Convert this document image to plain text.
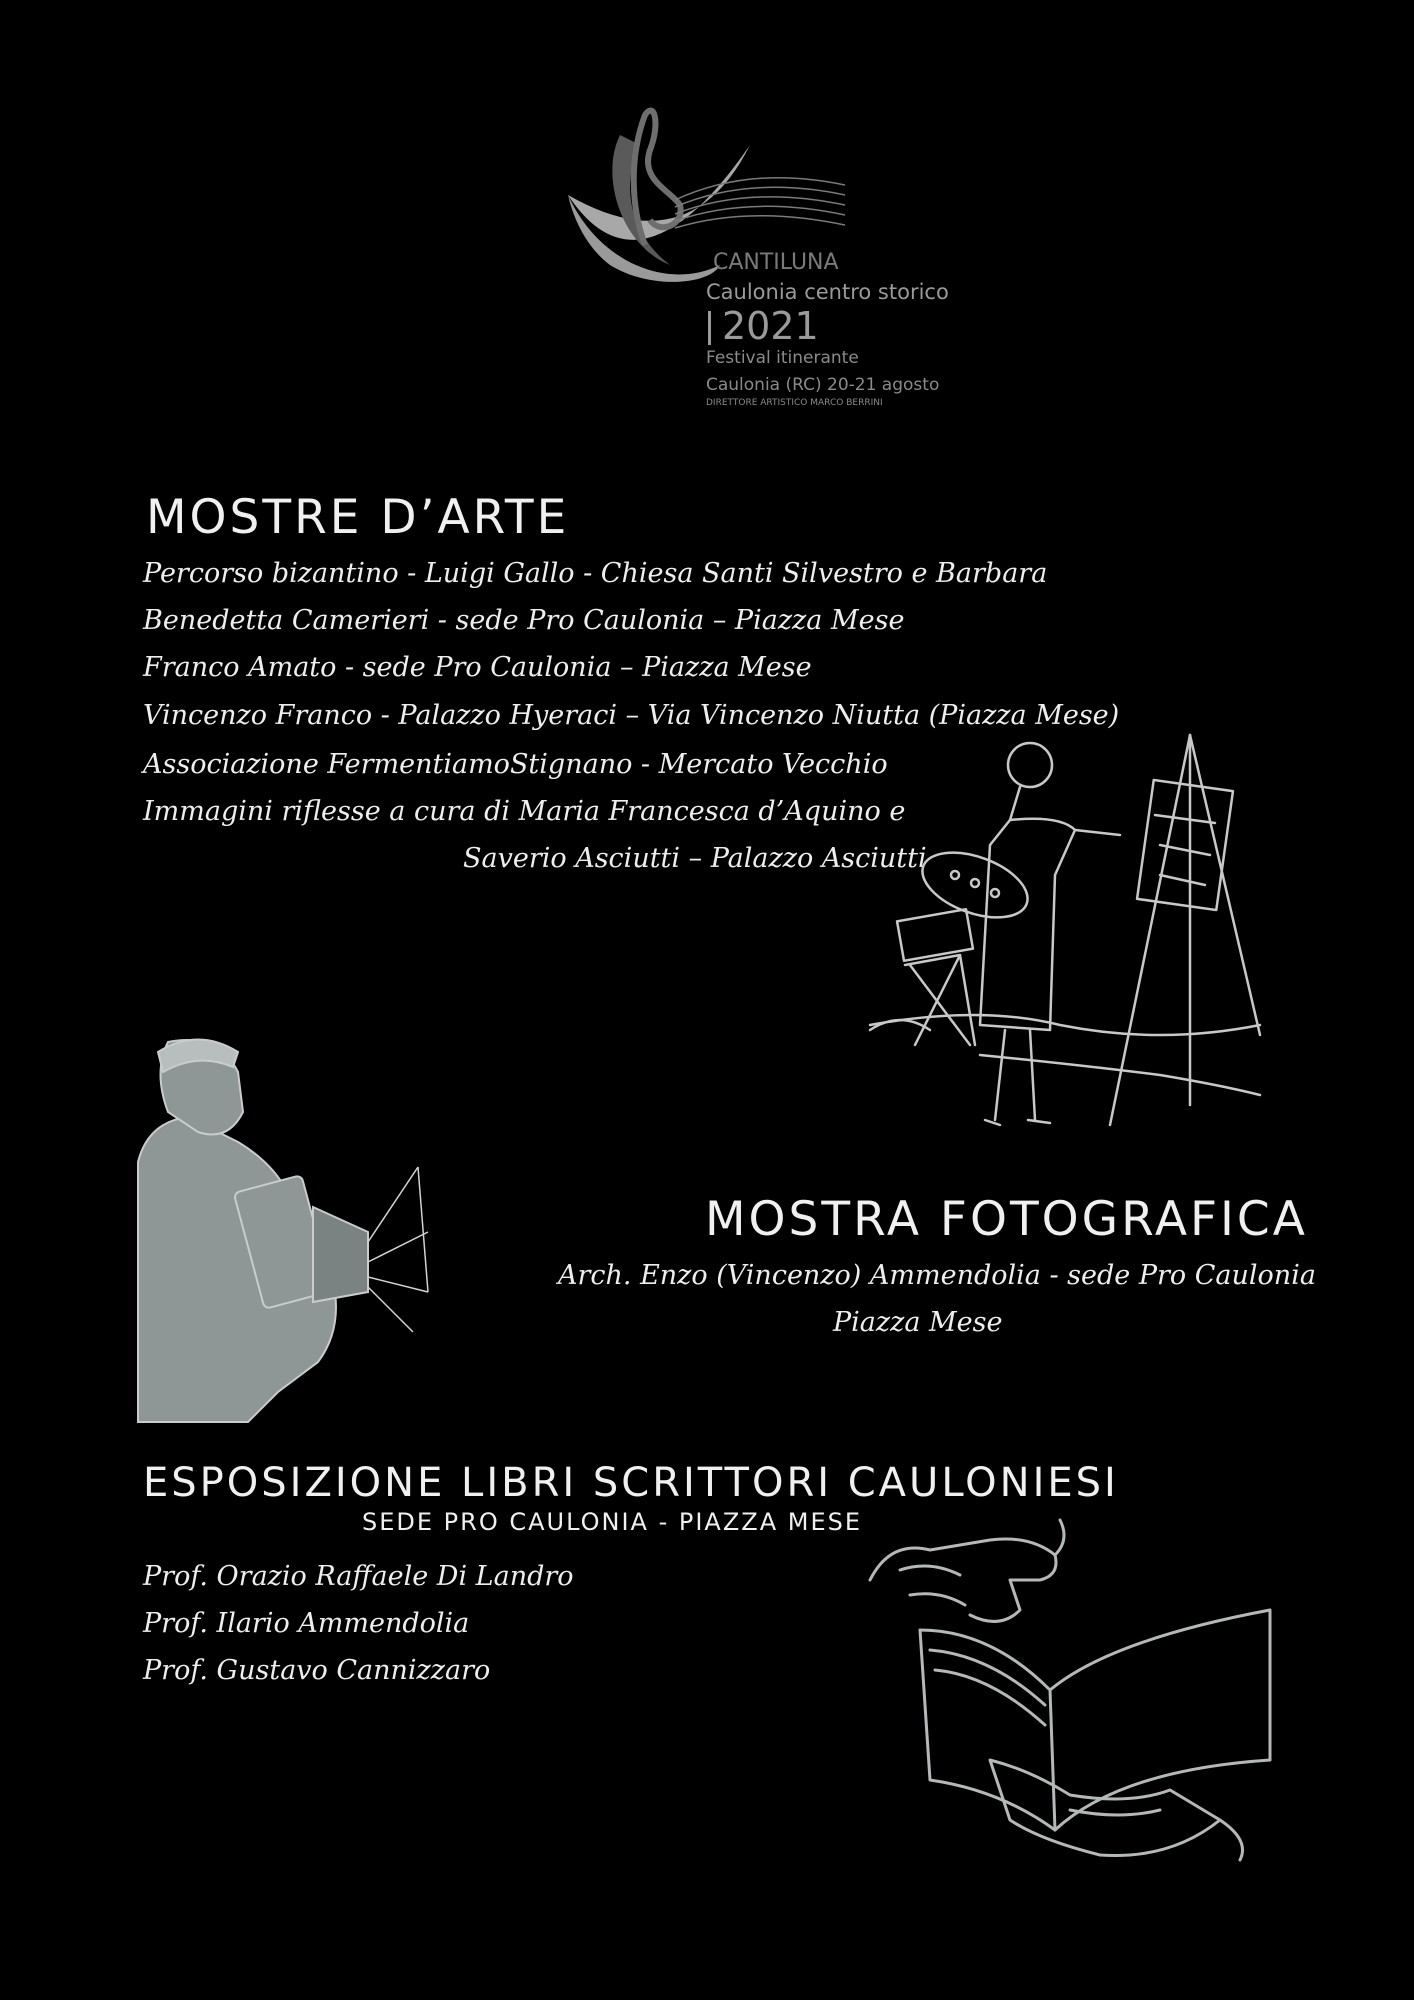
CANTILUNA
Caulonia centro storico
2021
Festival itinerante
Caulonia (RC) 20-21 agosto
DIRETTORE ARTISTICO MARCO BERRINI
MOSTRE D’ARTE
Percorso bizantino - Luigi Gallo - Chiesa Santi Silvestro e Barbara
Benedetta Camerieri - sede Pro Caulonia – Piazza Mese
Franco Amato - sede Pro Caulonia – Piazza Mese
Vincenzo Franco - Palazzo Hyeraci – Via Vincenzo Niutta (Piazza Mese)
Associazione FermentiamoStignano - Mercato Vecchio
Immagini riflesse a cura di Maria Francesca d’Aquino e
Saverio Asciutti – Palazzo Asciutti
MOSTRA FOTOGRAFICA
Arch. Enzo (Vincenzo) Ammendolia - sede Pro Caulonia
Piazza Mese
ESPOSIZIONE LIBRI SCRITTORI CAULONIESI
SEDE PRO CAULONIA - PIAZZA MESE
Prof. Orazio Raffaele Di Landro
Prof. Ilario Ammendolia
Prof. Gustavo Cannizzaro
